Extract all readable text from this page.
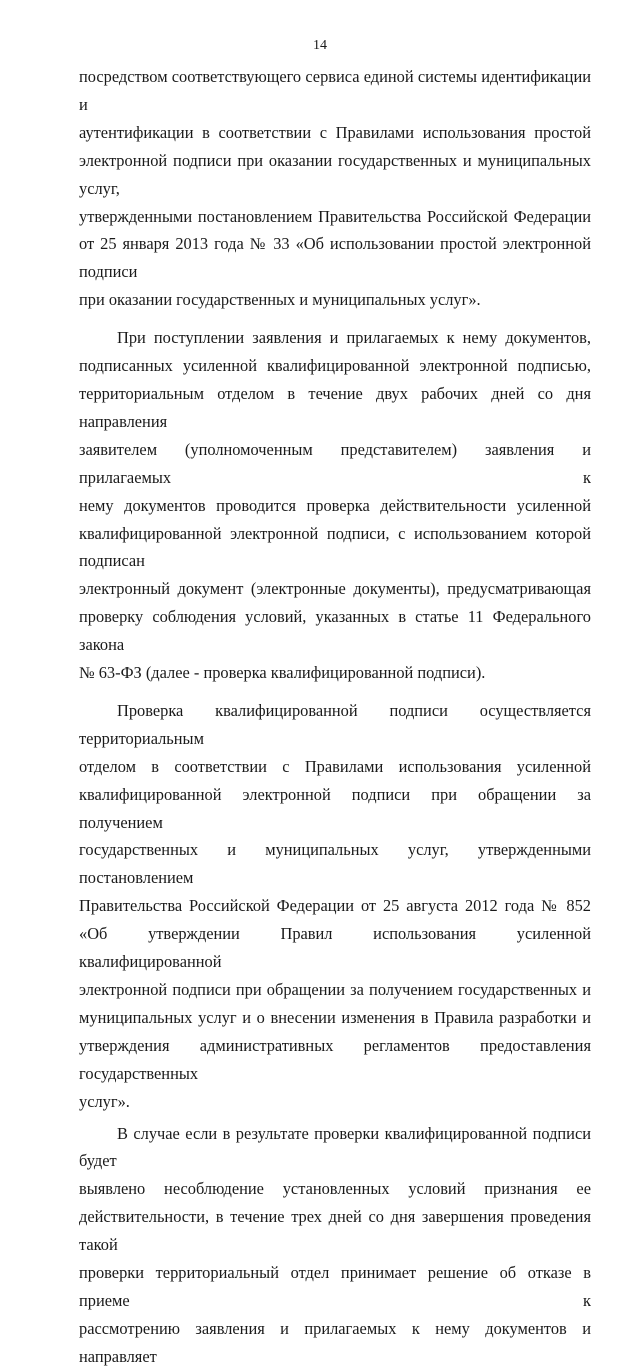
14
посредством соответствующего сервиса единой системы идентификации и
аутентификации в соответствии с Правилами использования простой
электронной подписи при оказании государственных и муниципальных услуг,
утвержденными постановлением Правительства Российской Федерации
от 25 января 2013 года № 33 «Об использовании простой электронной подписи
при оказании государственных и муниципальных услуг».
При поступлении заявления и прилагаемых к нему документов,
подписанных усиленной квалифицированной электронной подписью,
территориальным отделом в течение двух рабочих дней со дня направления
заявителем (уполномоченным представителем) заявления и прилагаемых к
нему документов проводится проверка действительности усиленной
квалифицированной электронной подписи, с использованием которой подписан
электронный документ (электронные документы), предусматривающая
проверку соблюдения условий, указанных в статье 11 Федерального закона
№ 63-ФЗ (далее - проверка квалифицированной подписи).
Проверка квалифицированной подписи осуществляется территориальным
отделом в соответствии с Правилами использования усиленной
квалифицированной электронной подписи при обращении за получением
государственных и муниципальных услуг, утвержденными постановлением
Правительства Российской Федерации от 25 августа 2012 года № 852
«Об утверждении Правил использования усиленной квалифицированной
электронной подписи при обращении за получением государственных и
муниципальных услуг и о внесении изменения в Правила разработки и
утверждения административных регламентов предоставления государственных
услуг».
В случае если в результате проверки квалифицированной подписи будет
выявлено несоблюдение установленных условий признания ее
действительности, в течение трех дней со дня завершения проведения такой
проверки территориальный отдел принимает решение об отказе в приеме к
рассмотрению заявления и прилагаемых к нему документов и направляет
